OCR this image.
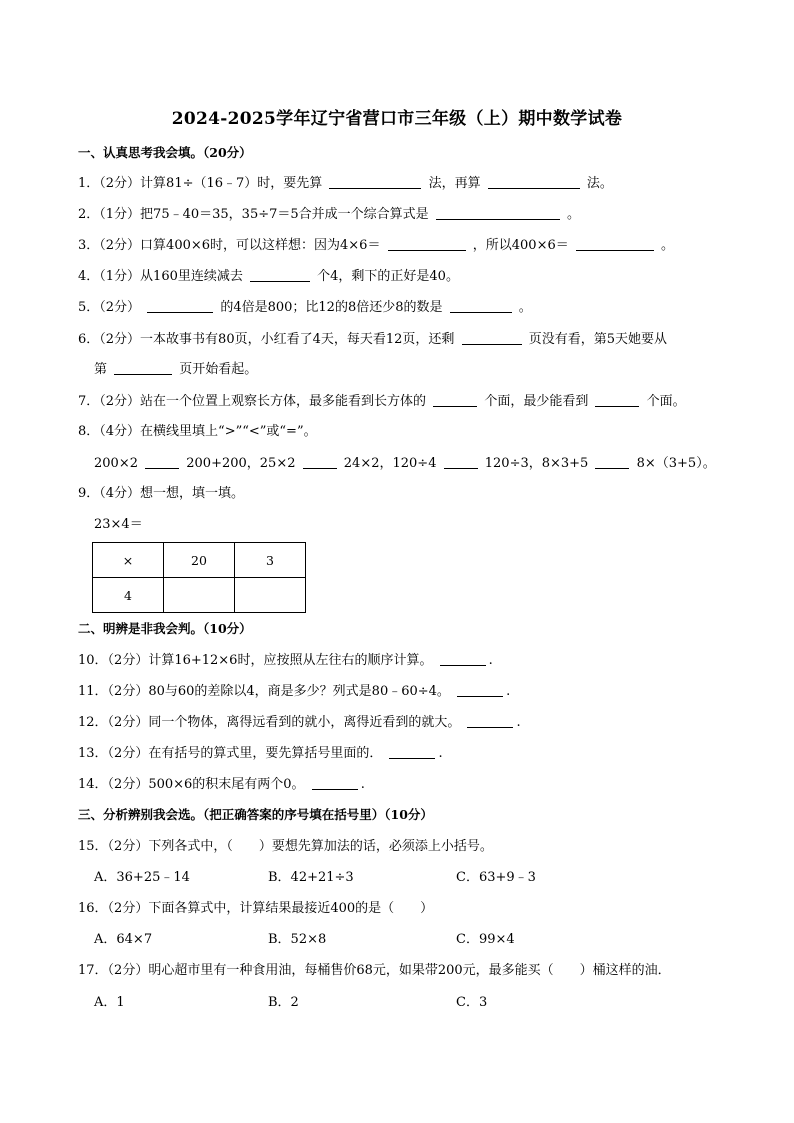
2024-2025学年辽宁省营口市三年级（上）期中数学试卷
一、认真思考我会填。（20分）
1．（2分）计算81÷（16﹣7）时，要先算	法，再算	法。
2．（1分）把75﹣40＝35，35÷7＝5合并成一个综合算式是	。
3．（2分）口算400×6时，可以这样想：因为4×6＝	，所以400×6＝	。
4．（1分）从160里连续减去	个4，剩下的正好是40。
5．（2分）	的4倍是800；比12的8倍还少8的数是	。
6．（2分）一本故事书有80页，小红看了4天，每天看12页，还剩	页没有看，第5天她要从
第	页开始看起。
7．（2分）站在一个位置上观察长方体，最多能看到长方体的	个面，最少能看到	个面。
8．（4分）在横线里填上“>”“<”或“=”。
200×2	200+200，25×2	24×2，120÷4	120÷3，8×3+5	8×（3+5）。
9．（4分）想一想，填一填。
23×4＝
×	20	3
4		
二、明辨是非我会判。（10分）
10．（2分）计算16+12×6时，应按照从左往右的顺序计算。	.
11．（2分）80与60的差除以4，商是多少？列式是80﹣60÷4。	.
12．（2分）同一个物体，离得远看到的就小，离得近看到的就大。	.
13．（2分）在有括号的算式里，要先算括号里面的．	.
14．（2分）500×6的积末尾有两个0。	.
三、分析辨别我会选。（把正确答案的序号填在括号里）（10分）
15．（2分）下列各式中，（　　）要想先算加法的话，必须添上小括号。
A．36+25﹣14	B．42+21÷3	C．63+9﹣3
16．（2分）下面各算式中，计算结果最接近400的是（　　）
A．64×7	B．52×8	C．99×4
17．（2分）明心超市里有一种食用油，每桶售价68元，如果带200元，最多能买（　　）桶这样的油．
A．1	B．2	C．3
